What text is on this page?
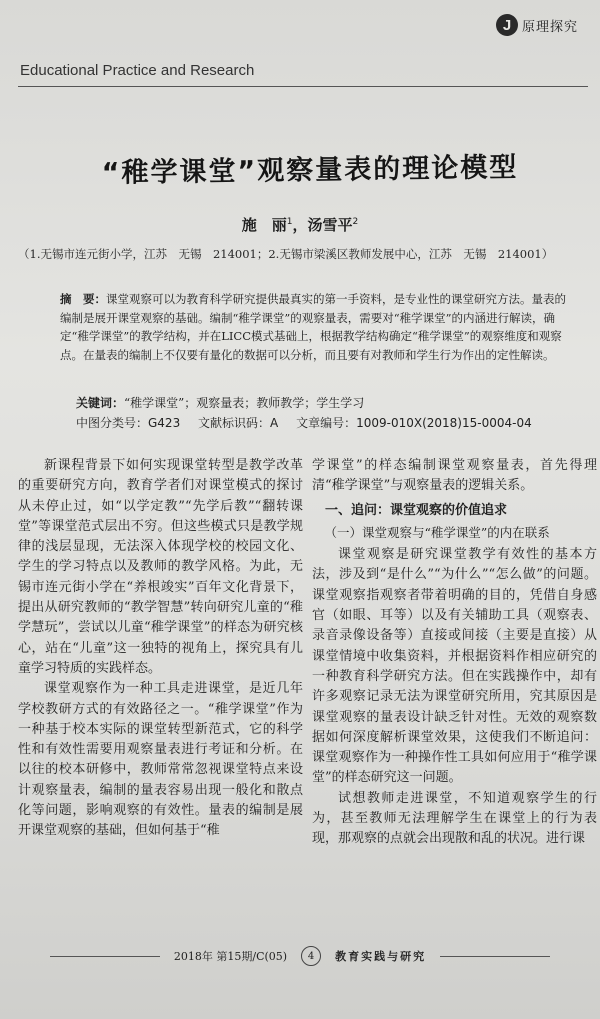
J 原理探究
Educational Practice and Research
“稚学课堂”观察量表的理论模型
施　丽$^1$，汤雪平$^2$
（1.无锡市连元街小学，江苏　无锡　214001；2.无锡市梁溪区教师发展中心，江苏　无锡　214001）
摘　要：课堂观察可以为教育科学研究提供最真实的第一手资料，是专业性的课堂研究方法。量表的编制是展开课堂观察的基础。编制“稚学课堂”的观察量表，需要对“稚学课堂”的内涵进行解读，确定“稚学课堂”的教学结构，并在LICC模式基础上，根据教学结构确定“稚学课堂”的观察维度和观察点。在量表的编制上不仅要有量化的数据可以分析，而且要有对教师和学生行为作出的定性解读。
关键词：“稚学课堂”；观察量表；教师教学；学生学习
中图分类号：G423 文献标识码：A 文章编号：1009-010X(2018)15-0004-04

新课程背景下如何实现课堂转型是教学改革的重要研究方向，教育学者们对课堂模式的探讨从未停止过，如“以学定教”“先学后教”“翻转课堂”等课堂范式层出不穷。但这些模式只是教学规律的浅层显现，无法深入体现学校的校园文化、学生的学习特点以及教师的教学风格。为此，无锡市连元街小学在“养根竣实”百年文化背景下，提出从研究教师的“教学智慧”转向研究儿童的“稚学慧玩”，尝试以儿童“稚学课堂”的样态为研究核心，站在“儿童”这一独特的视角上，探究具有儿童学习特质的实践样态。

课堂观察作为一种工具走进课堂，是近几年学校教研方式的有效路径之一。“稚学课堂”作为一种基于校本实际的课堂转型新范式，它的科学性和有效性需要用观察量表进行考证和分析。在以往的校本研修中，教师常常忽视课堂特点来设计观察量表，编制的量表容易出现一般化和散点化等问题，影响观察的有效性。量表的编制是展开课堂观察的基础，但如何基于“稚

学课堂”的样态编制课堂观察量表，首先得理清“稚学课堂”与观察量表的逻辑关系。

一、追问：课堂观察的价值追求
（一）课堂观察与“稚学课堂”的内在联系

课堂观察是研究课堂教学有效性的基本方法，涉及到“是什么”“为什么”“怎么做”的问题。课堂观察指观察者带着明确的目的，凭借自身感官（如眼、耳等）以及有关辅助工具（观察表、录音录像设备等）直接或间接（主要是直接）从课堂情境中收集资料，并根据资料作相应研究的一种教育科学研究方法。但在实践操作中，却有许多观察记录无法为课堂研究所用，究其原因是课堂观察的量表设计缺乏针对性。无效的观察数据如何深度解析课堂效果，这使我们不断追问：课堂观察作为一种操作性工具如何应用于“稚学课堂”的样态研究这一问题。

试想教师走进课堂，不知道观察学生的行为，甚至教师无法理解学生在课堂上的行为表现，那观察的点就会出现散和乱的状况。进行课

2018年 第15期/C(05)	4	教育实践与研究
